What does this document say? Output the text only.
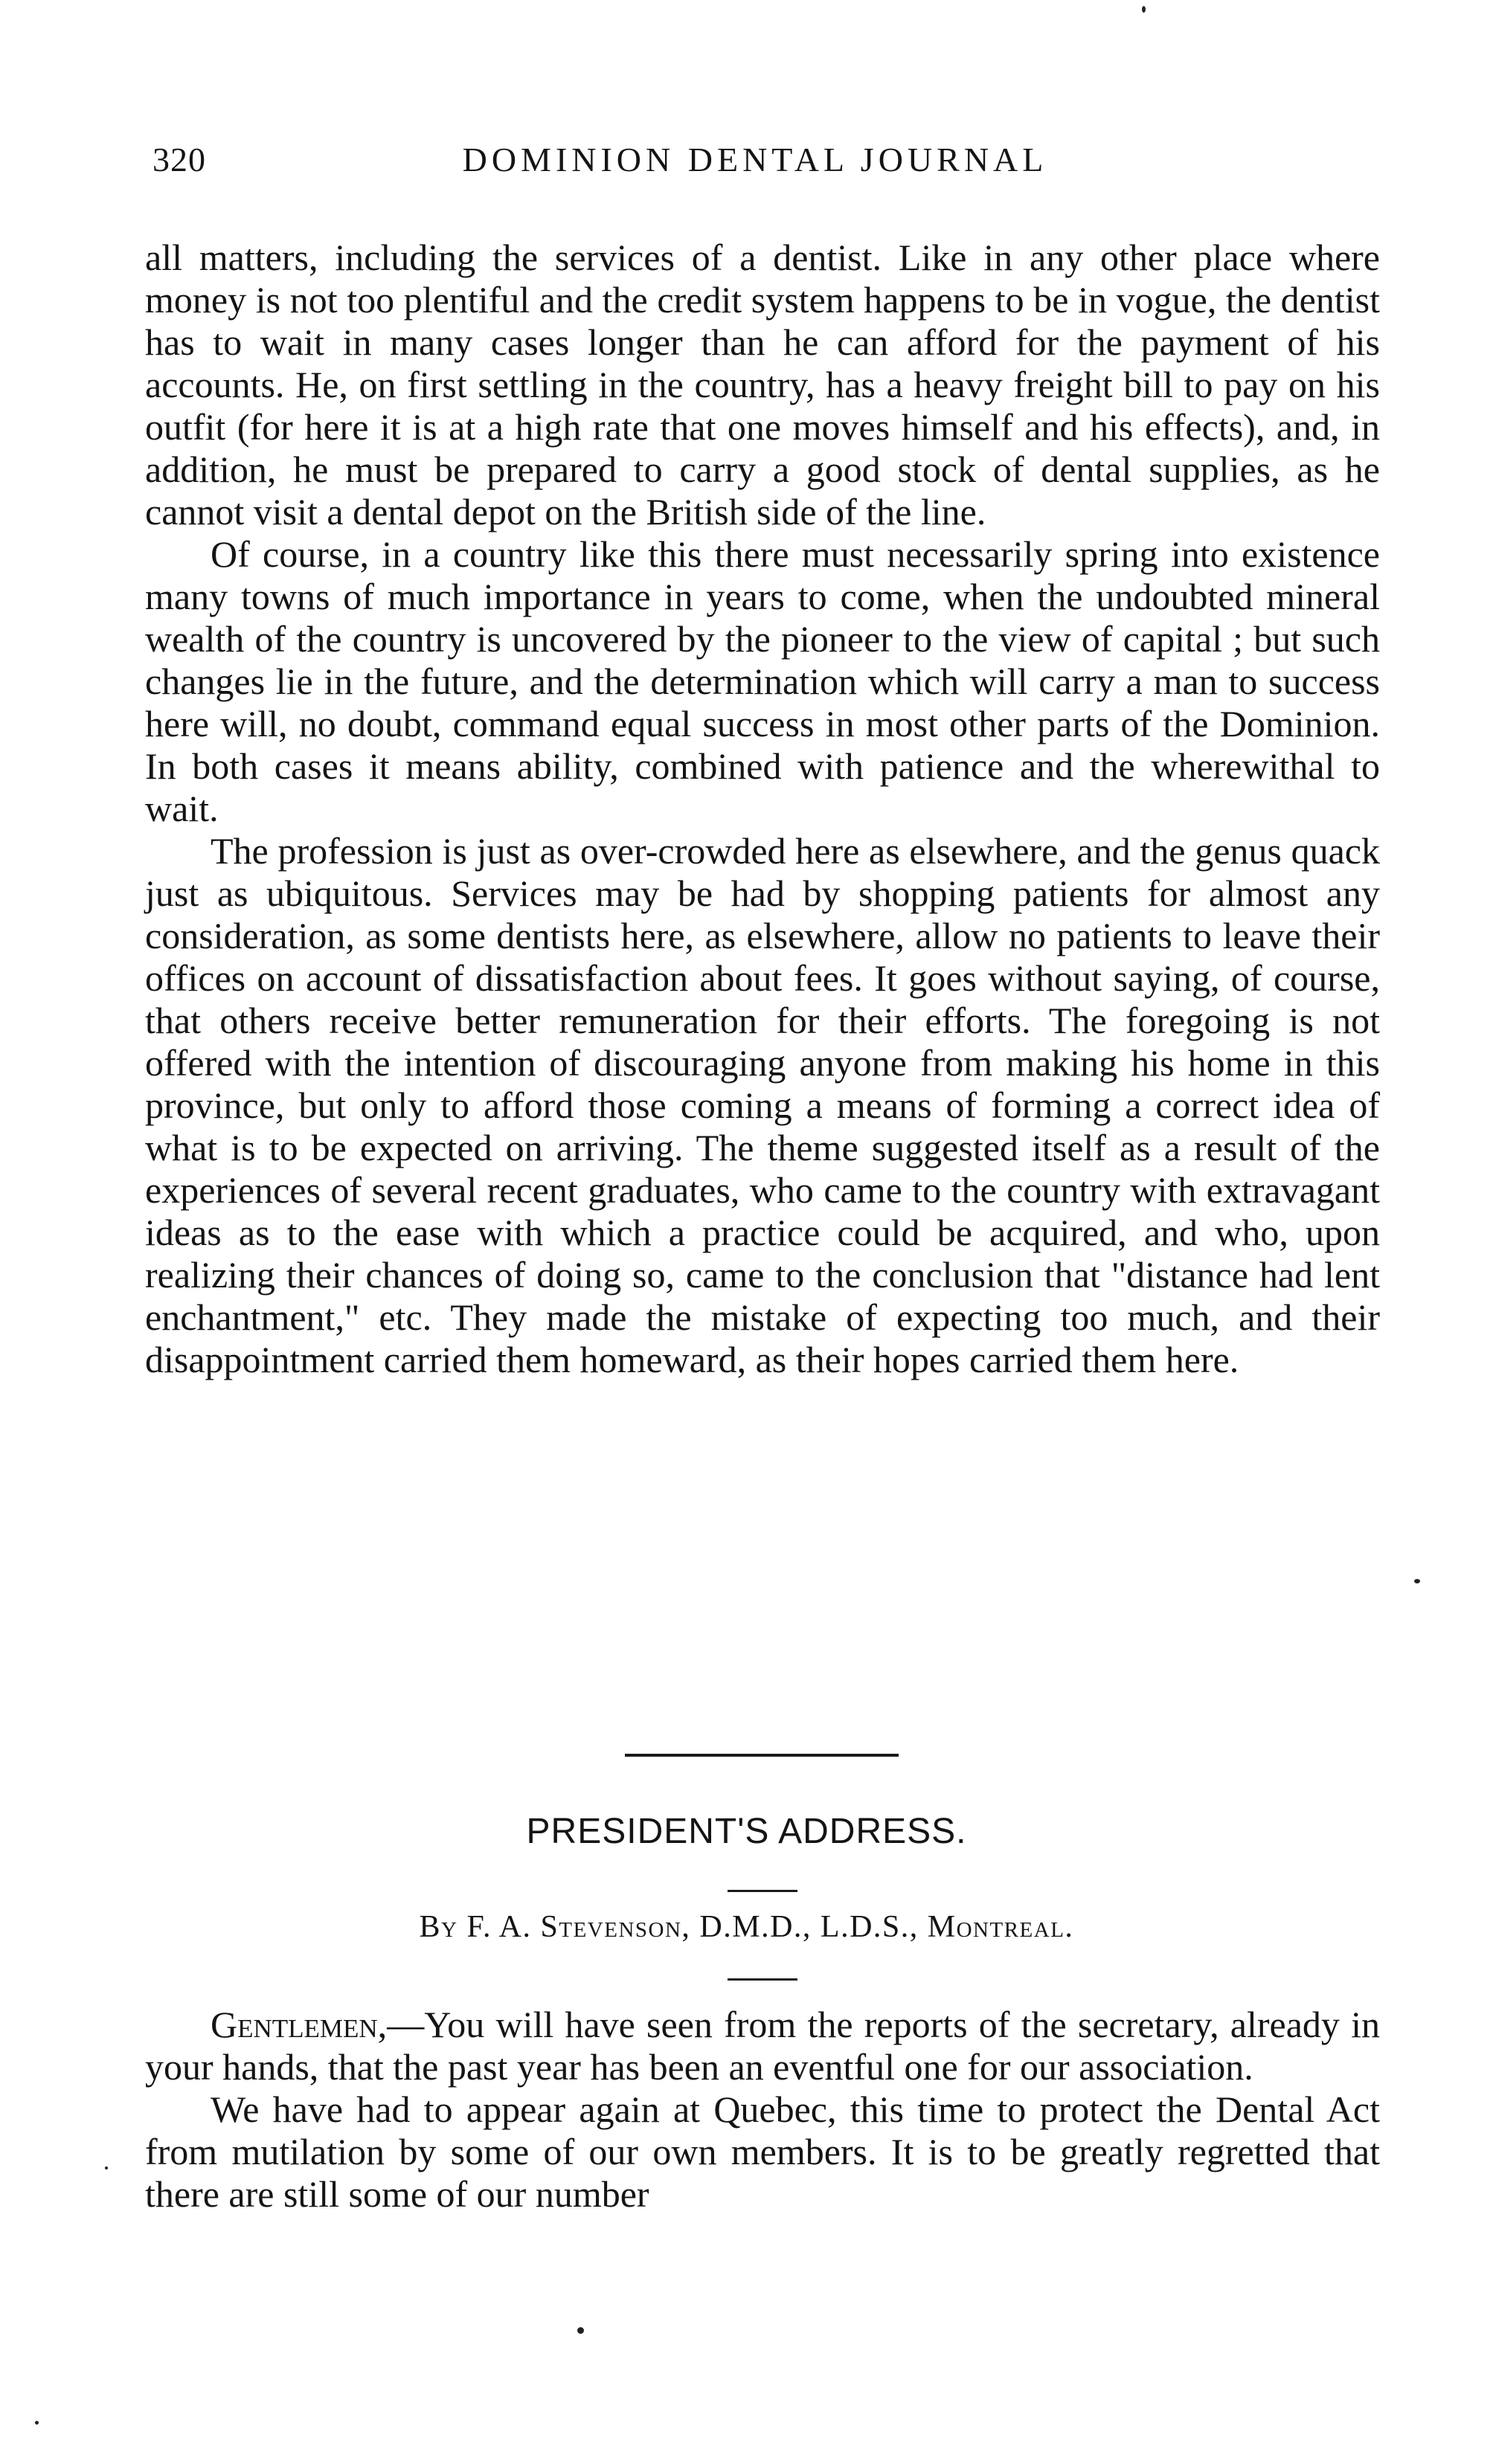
320	DOMINION DENTAL JOURNAL

all matters, including the services of a dentist. Like in any other place where money is not too plentiful and the credit system happens to be in vogue, the dentist has to wait in many cases longer than he can afford for the payment of his accounts. He, on first settling in the country, has a heavy freight bill to pay on his outfit (for here it is at a high rate that one moves himself and his effects), and, in addition, he must be prepared to carry a good stock of dental supplies, as he cannot visit a dental depot on the British side of the line.

Of course, in a country like this there must necessarily spring into existence many towns of much importance in years to come, when the undoubted mineral wealth of the country is uncovered by the pioneer to the view of capital ; but such changes lie in the future, and the determination which will carry a man to success here will, no doubt, command equal success in most other parts of the Dominion. In both cases it means ability, combined with patience and the wherewithal to wait.

The profession is just as over-crowded here as elsewhere, and the genus quack just as ubiquitous. Services may be had by shopping patients for almost any consideration, as some dentists here, as elsewhere, allow no patients to leave their offices on account of dissatisfaction about fees. It goes without saying, of course, that others receive better remuneration for their efforts. The foregoing is not offered with the intention of discouraging anyone from making his home in this province, but only to afford those coming a means of forming a correct idea of what is to be expected on arriving. The theme suggested itself as a result of the experiences of several recent graduates, who came to the country with extravagant ideas as to the ease with which a practice could be acquired, and who, upon realizing their chances of doing so, came to the conclusion that "distance had lent enchantment," etc. They made the mistake of expecting too much, and their disappointment carried them homeward, as their hopes carried them here.

PRESIDENT'S ADDRESS.
By F. A. Stevenson, D.M.D., L.D.S., Montreal.

Gentlemen,—You will have seen from the reports of the secretary, already in your hands, that the past year has been an eventful one for our association.

We have had to appear again at Quebec, this time to protect the Dental Act from mutilation by some of our own members. It is to be greatly regretted that there are still some of our number
